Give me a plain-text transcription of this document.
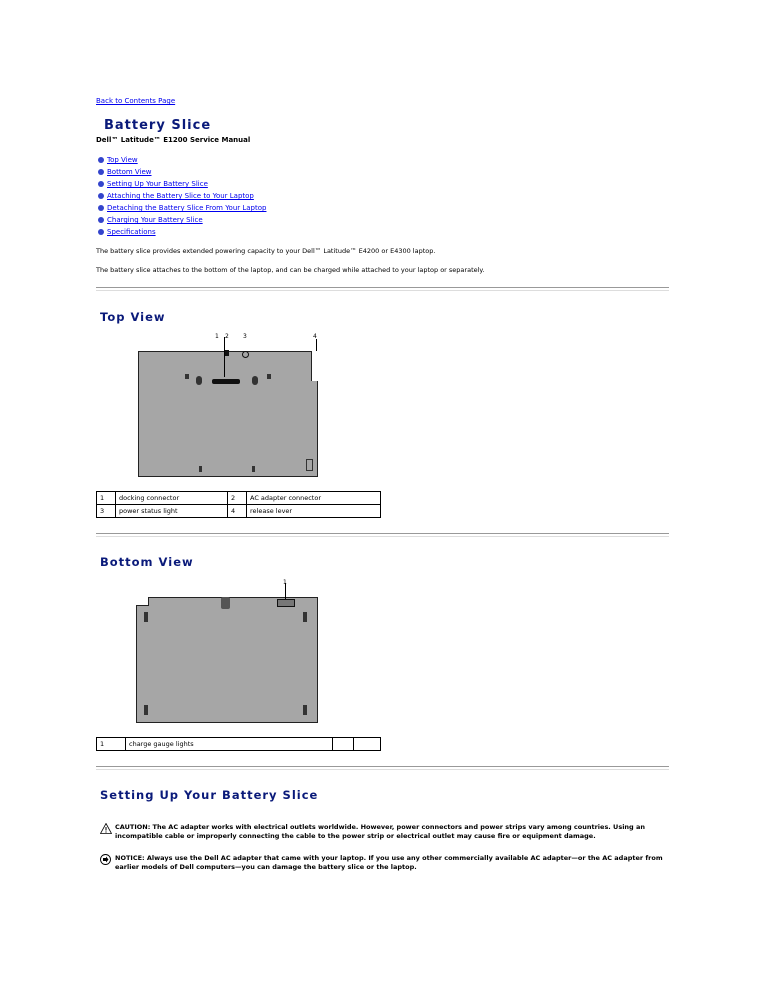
Back to Contents Page
Battery Slice
Dell™ Latitude™ E1200 Service Manual
Top View
Bottom View
Setting Up Your Battery Slice
Attaching the Battery Slice to Your Laptop
Detaching the Battery Slice From Your Laptop
Charging Your Battery Slice
Specifications
The battery slice provides extended powering capacity to your Dell™ Latitude™ E4200 or E4300 laptop.
The battery slice attaches to the bottom of the laptop, and can be charged while attached to your laptop or separately.
Top View
1 2 3	4
1	docking connector	2	AC adapter connector
3	power status light	4	release lever
Bottom View
1
1	charge gauge lights		
Setting Up Your Battery Slice
CAUTION: The AC adapter works with electrical outlets worldwide. However, power connectors and power strips vary among countries. Using an incompatible cable or improperly connecting the cable to the power strip or electrical outlet may cause fire or equipment damage.
NOTICE: Always use the Dell AC adapter that came with your laptop. If you use any other commercially available AC adapter—or the AC adapter from earlier models of Dell computers—you can damage the battery slice or the laptop.
